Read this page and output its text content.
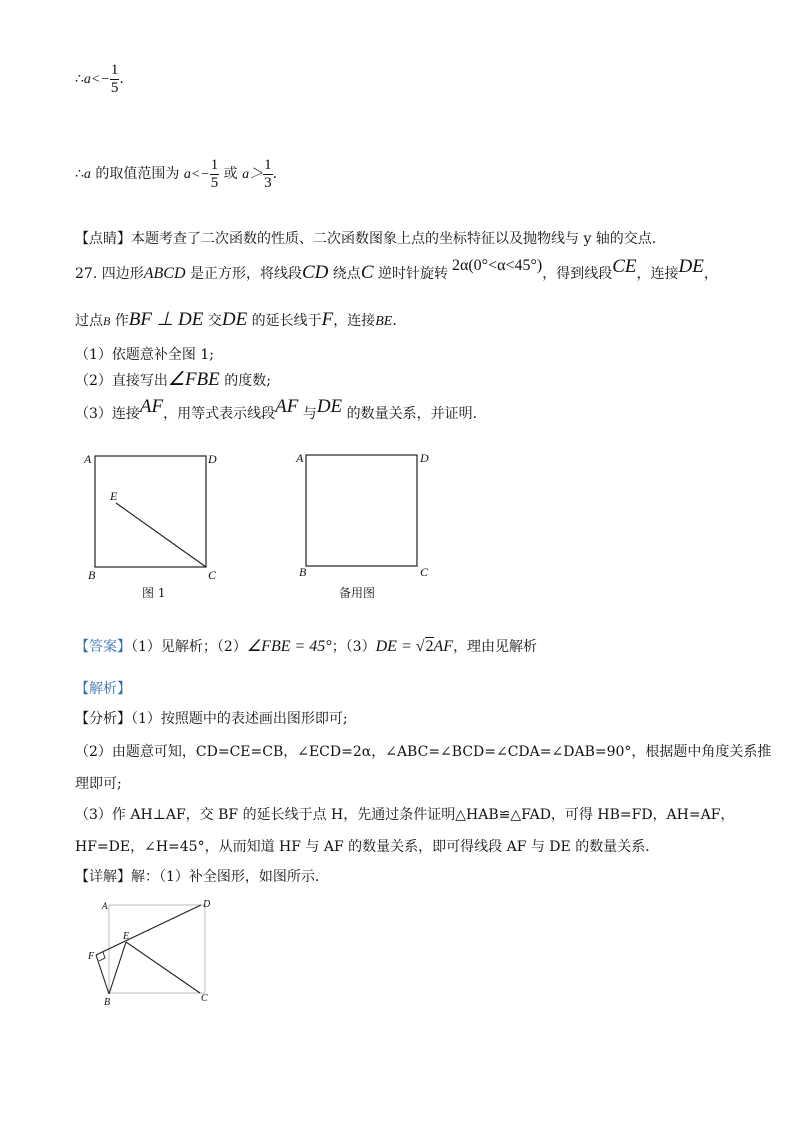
∴a<− $\frac{1}{5}$ .
∴a 的取值范围为 $a<- \frac{1}{5}$ 或 $a> \frac{1}{3}$ .
【点睛】本题考查了二次函数的性质、二次函数图象上点的坐标特征以及抛物线与 y 轴的交点.
27. 四边形ABCD 是正方形，将线段CD 绕点C 逆时针旋转 2α(0°<α<45°)，得到线段CE，连接DE，
过点B 作BF ⊥ DE 交DE 的延长线于F，连接BE.
（1）依题意补全图 1;
（2）直接写出∠FBE 的度数;
（3）连接AF，用等式表示线段AF 与DE 的数量关系，并证明.
A	D
E
B	C
图 1
A	D
B	C
备用图
【答案】（1）见解析；（2）∠FBE = 45°；（3）DE = √2AF，理由见解析
【解析】
【分析】（1）按照题中的表述画出图形即可;
（2）由题意可知，CD=CE=CB，∠ECD=2α，∠ABC=∠BCD=∠CDA=∠DAB=90°，根据题中角度关系推
理即可;
（3）作 AH⊥AF，交 BF 的延长线于点 H，先通过条件证明△HAB≌△FAD，可得 HB=FD，AH=AF，
HF=DE，∠H=45°，从而知道 HF 与 AF 的数量关系，即可得线段 AF 与 DE 的数量关系.
【详解】解：（1）补全图形，如图所示.
A	D
E
F
B	C
